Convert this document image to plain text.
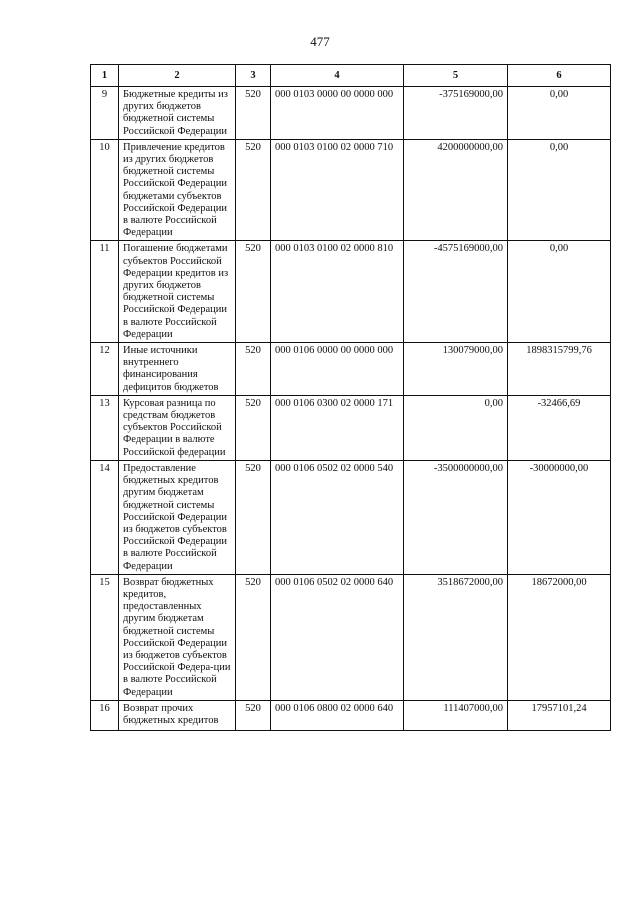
477
1	2	3	4	5	6
9	Бюджетные кредиты из других бюджетов бюджетной системы Российской Федерации	520	000 0103 0000 00 0000 000	-375169000,00	0,00
10	Привлечение кредитов из других бюджетов бюджетной системы Российской Федерации бюджетами субъектов Российской Федерации в валюте Российской Федерации	520	000 0103 0100 02 0000 710	4200000000,00	0,00
11	Погашение бюджетами субъектов Российской Федерации кредитов из других бюджетов бюджетной системы Российской Федерации в валюте Российской Федерации	520	000 0103 0100 02 0000 810	-4575169000,00	0,00
12	Иные источники внутреннего финансирования дефицитов бюджетов	520	000 0106 0000 00 0000 000	130079000,00	1898315799,76
13	Курсовая разница по средствам бюджетов субъектов Российской Федерации в валюте Российской федерации	520	000 0106 0300 02 0000 171	0,00	-32466,69
14	Предоставление бюджетных кредитов другим бюджетам бюджетной системы Российской Федерации из бюджетов субъектов Российской Федерации в валюте Российской Федерации	520	000 0106 0502 02 0000 540	-3500000000,00	-30000000,00
15	Возврат бюджетных кредитов, предоставленных другим бюджетам бюджетной системы Российской Федерации из бюджетов субъектов Российской Федера-ции в валюте Российской Федерации	520	000 0106 0502 02 0000 640	3518672000,00	18672000,00
16	Возврат прочих бюджетных кредитов	520	000 0106 0800 02 0000 640	111407000,00	17957101,24
